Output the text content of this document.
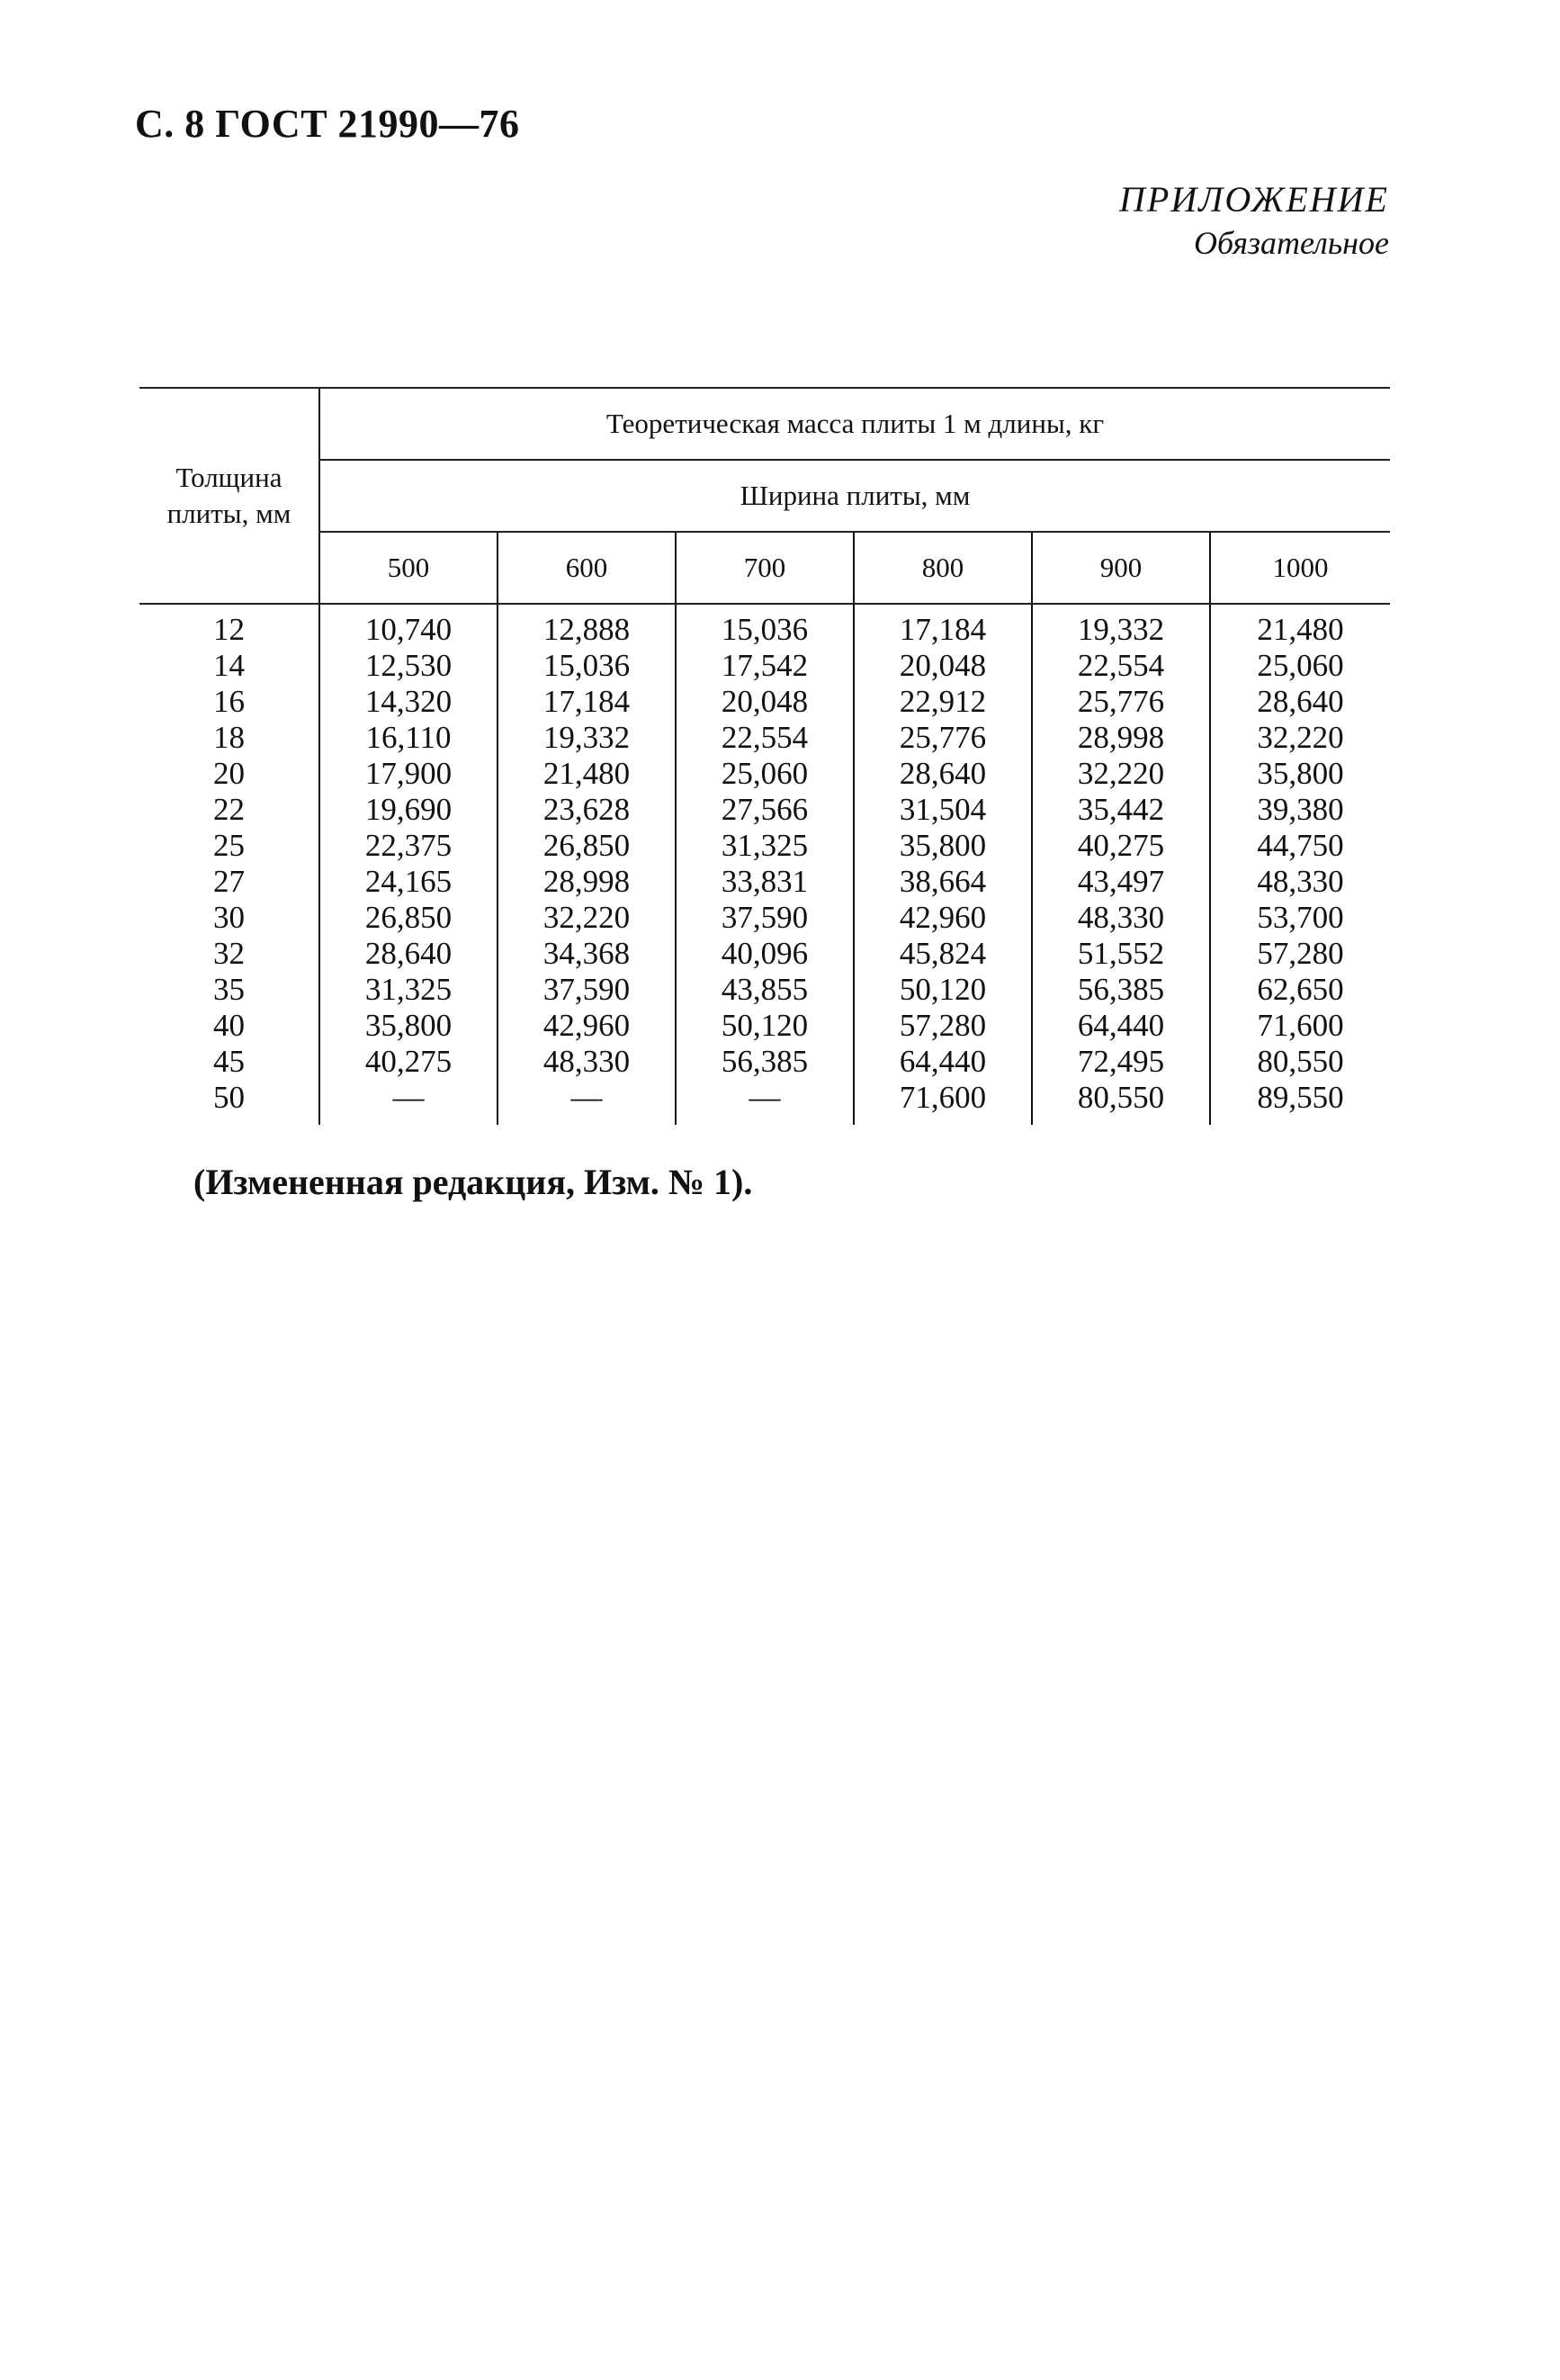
С. 8 ГОСТ 21990—76
ПРИЛОЖЕНИЕ
Обязательное
Толщина
плиты, мм	Теоретическая масса плиты 1 м длины, кг					
	Ширина плиты, мм					
	500	600	700	800	900	1000
12	10,740	12,888	15,036	17,184	19,332	21,480
14	12,530	15,036	17,542	20,048	22,554	25,060
16	14,320	17,184	20,048	22,912	25,776	28,640
18	16,110	19,332	22,554	25,776	28,998	32,220
20	17,900	21,480	25,060	28,640	32,220	35,800
22	19,690	23,628	27,566	31,504	35,442	39,380
25	22,375	26,850	31,325	35,800	40,275	44,750
27	24,165	28,998	33,831	38,664	43,497	48,330
30	26,850	32,220	37,590	42,960	48,330	53,700
32	28,640	34,368	40,096	45,824	51,552	57,280
35	31,325	37,590	43,855	50,120	56,385	62,650
40	35,800	42,960	50,120	57,280	64,440	71,600
45	40,275	48,330	56,385	64,440	72,495	80,550
50	—	—	—	71,600	80,550	89,550
(Измененная редакция, Изм. № 1).
